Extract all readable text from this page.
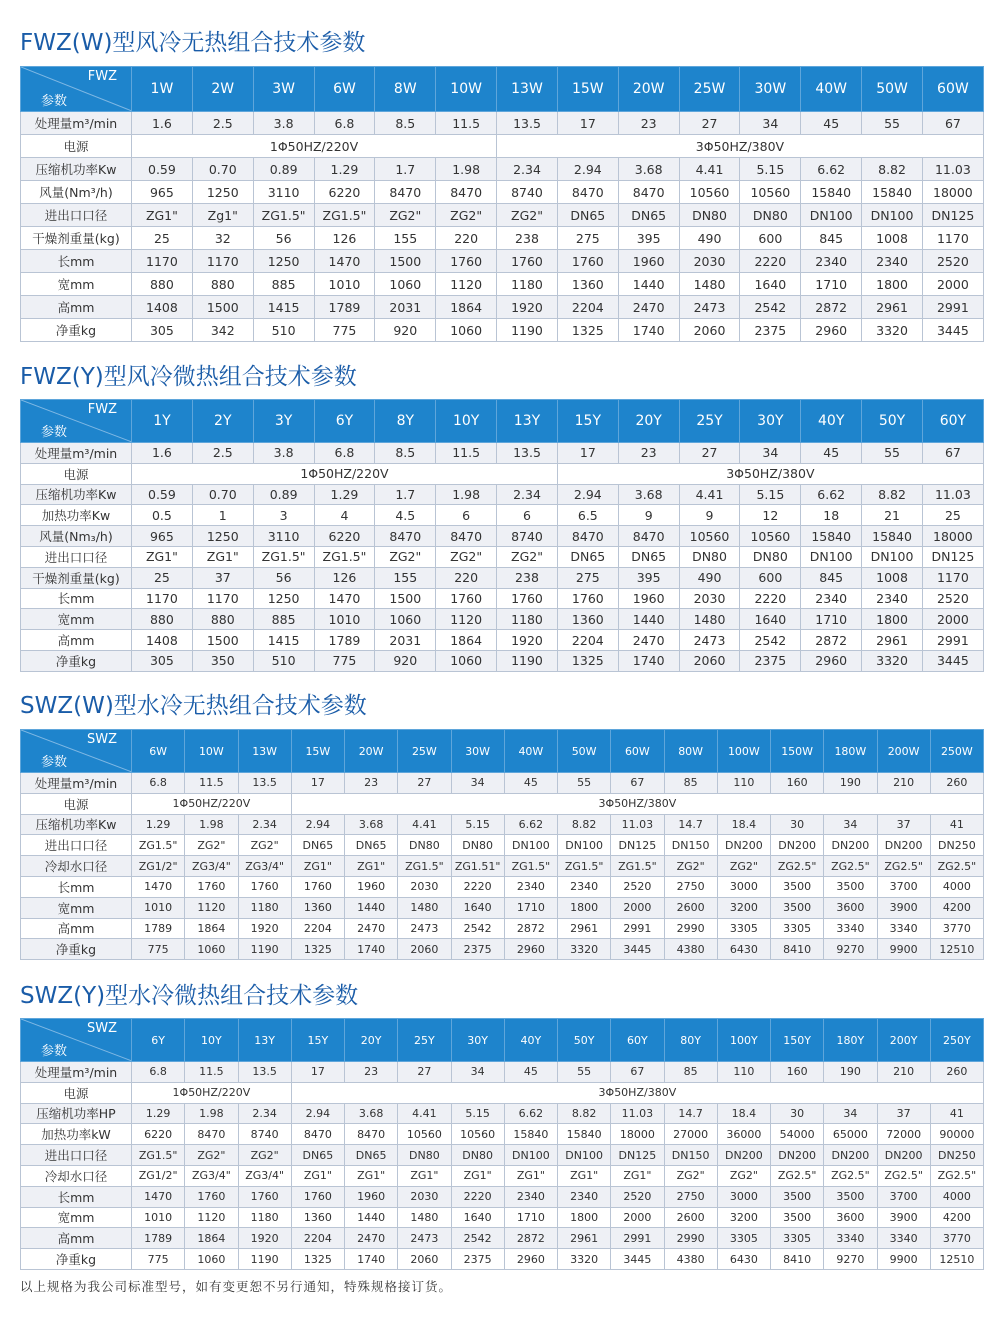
FWZ(W)型风冷无热组合技术参数
FWZ
参数	1W	2W	3W	6W	8W	10W	13W	15W	20W	25W	30W	40W	50W	60W
处理量m³/min	1.6	2.5	3.8	6.8	8.5	11.5	13.5	17	23	27	34	45	55	67
电源	1Φ50HZ/220V						3Φ50HZ/380V							
压缩机功率Kw	0.59	0.70	0.89	1.29	1.7	1.98	2.34	2.94	3.68	4.41	5.15	6.62	8.82	11.03
风量(Nm³/h)	965	1250	3110	6220	8470	8470	8740	8470	8470	10560	10560	15840	15840	18000
进出口口径	ZG1"	Zg1"	ZG1.5"	ZG1.5"	ZG2"	ZG2"	ZG2"	DN65	DN65	DN80	DN80	DN100	DN100	DN125
干燥剂重量(kg)	25	32	56	126	155	220	238	275	395	490	600	845	1008	1170
长mm	1170	1170	1250	1470	1500	1760	1760	1760	1960	2030	2220	2340	2340	2520
宽mm	880	880	885	1010	1060	1120	1180	1360	1440	1480	1640	1710	1800	2000
高mm	1408	1500	1415	1789	2031	1864	1920	2204	2470	2473	2542	2872	2961	2991
净重kg	305	342	510	775	920	1060	1190	1325	1740	2060	2375	2960	3320	3445
FWZ(Y)型风冷微热组合技术参数
FWZ
参数	1Y	2Y	3Y	6Y	8Y	10Y	13Y	15Y	20Y	25Y	30Y	40Y	50Y	60Y
处理量m³/min	1.6	2.5	3.8	6.8	8.5	11.5	13.5	17	23	27	34	45	55	67
电源	1Φ50HZ/220V							3Φ50HZ/380V						
压缩机功率Kw	0.59	0.70	0.89	1.29	1.7	1.98	2.34	2.94	3.68	4.41	5.15	6.62	8.82	11.03
加热功率Kw	0.5	1	3	4	4.5	6	6	6.5	9	9	12	18	21	25
风量(Nm₃/h)	965	1250	3110	6220	8470	8470	8740	8470	8470	10560	10560	15840	15840	18000
进出口口径	ZG1"	ZG1"	ZG1.5"	ZG1.5"	ZG2"	ZG2"	ZG2"	DN65	DN65	DN80	DN80	DN100	DN100	DN125
干燥剂重量(kg)	25	37	56	126	155	220	238	275	395	490	600	845	1008	1170
长mm	1170	1170	1250	1470	1500	1760	1760	1760	1960	2030	2220	2340	2340	2520
宽mm	880	880	885	1010	1060	1120	1180	1360	1440	1480	1640	1710	1800	2000
高mm	1408	1500	1415	1789	2031	1864	1920	2204	2470	2473	2542	2872	2961	2991
净重kg	305	350	510	775	920	1060	1190	1325	1740	2060	2375	2960	3320	3445
SWZ(W)型水冷无热组合技术参数
SWZ
参数	6W	10W	13W	15W	20W	25W	30W	40W	50W	60W	80W	100W	150W	180W	200W	250W
处理量m³/min	6.8	11.5	13.5	17	23	27	34	45	55	67	85	110	160	190	210	260
电源	1Φ50HZ/220V			3Φ50HZ/380V												
压缩机功率Kw	1.29	1.98	2.34	2.94	3.68	4.41	5.15	6.62	8.82	11.03	14.7	18.4	30	34	37	41
进出口口径	ZG1.5"	ZG2"	ZG2"	DN65	DN65	DN80	DN80	DN100	DN100	DN125	DN150	DN200	DN200	DN200	DN200	DN250
冷却水口径	ZG1/2"	ZG3/4"	ZG3/4"	ZG1"	ZG1"	ZG1.5"	ZG1.51"	ZG1.5"	ZG1.5"	ZG1.5"	ZG2"	ZG2"	ZG2.5"	ZG2.5"	ZG2.5"	ZG2.5"
长mm	1470	1760	1760	1760	1960	2030	2220	2340	2340	2520	2750	3000	3500	3500	3700	4000
宽mm	1010	1120	1180	1360	1440	1480	1640	1710	1800	2000	2600	3200	3500	3600	3900	4200
高mm	1789	1864	1920	2204	2470	2473	2542	2872	2961	2991	2990	3305	3305	3340	3340	3770
净重kg	775	1060	1190	1325	1740	2060	2375	2960	3320	3445	4380	6430	8410	9270	9900	12510
SWZ(Y)型水冷微热组合技术参数
SWZ
参数	6Y	10Y	13Y	15Y	20Y	25Y	30Y	40Y	50Y	60Y	80Y	100Y	150Y	180Y	200Y	250Y
处理量m³/min	6.8	11.5	13.5	17	23	27	34	45	55	67	85	110	160	190	210	260
电源	1Φ50HZ/220V			3Φ50HZ/380V												
压缩机功率HP	1.29	1.98	2.34	2.94	3.68	4.41	5.15	6.62	8.82	11.03	14.7	18.4	30	34	37	41
加热功率kW	6220	8470	8740	8470	8470	10560	10560	15840	15840	18000	27000	36000	54000	65000	72000	90000
进出口口径	ZG1.5"	ZG2"	ZG2"	DN65	DN65	DN80	DN80	DN100	DN100	DN125	DN150	DN200	DN200	DN200	DN200	DN250
冷却水口径	ZG1/2"	ZG3/4"	ZG3/4"	ZG1"	ZG1"	ZG1"	ZG1"	ZG1"	ZG1"	ZG1"	ZG2"	ZG2"	ZG2.5"	ZG2.5"	ZG2.5"	ZG2.5"
长mm	1470	1760	1760	1760	1960	2030	2220	2340	2340	2520	2750	3000	3500	3500	3700	4000
宽mm	1010	1120	1180	1360	1440	1480	1640	1710	1800	2000	2600	3200	3500	3600	3900	4200
高mm	1789	1864	1920	2204	2470	2473	2542	2872	2961	2991	2990	3305	3305	3340	3340	3770
净重kg	775	1060	1190	1325	1740	2060	2375	2960	3320	3445	4380	6430	8410	9270	9900	12510
以上规格为我公司标准型号，如有变更恕不另行通知，特殊规格接订货。
